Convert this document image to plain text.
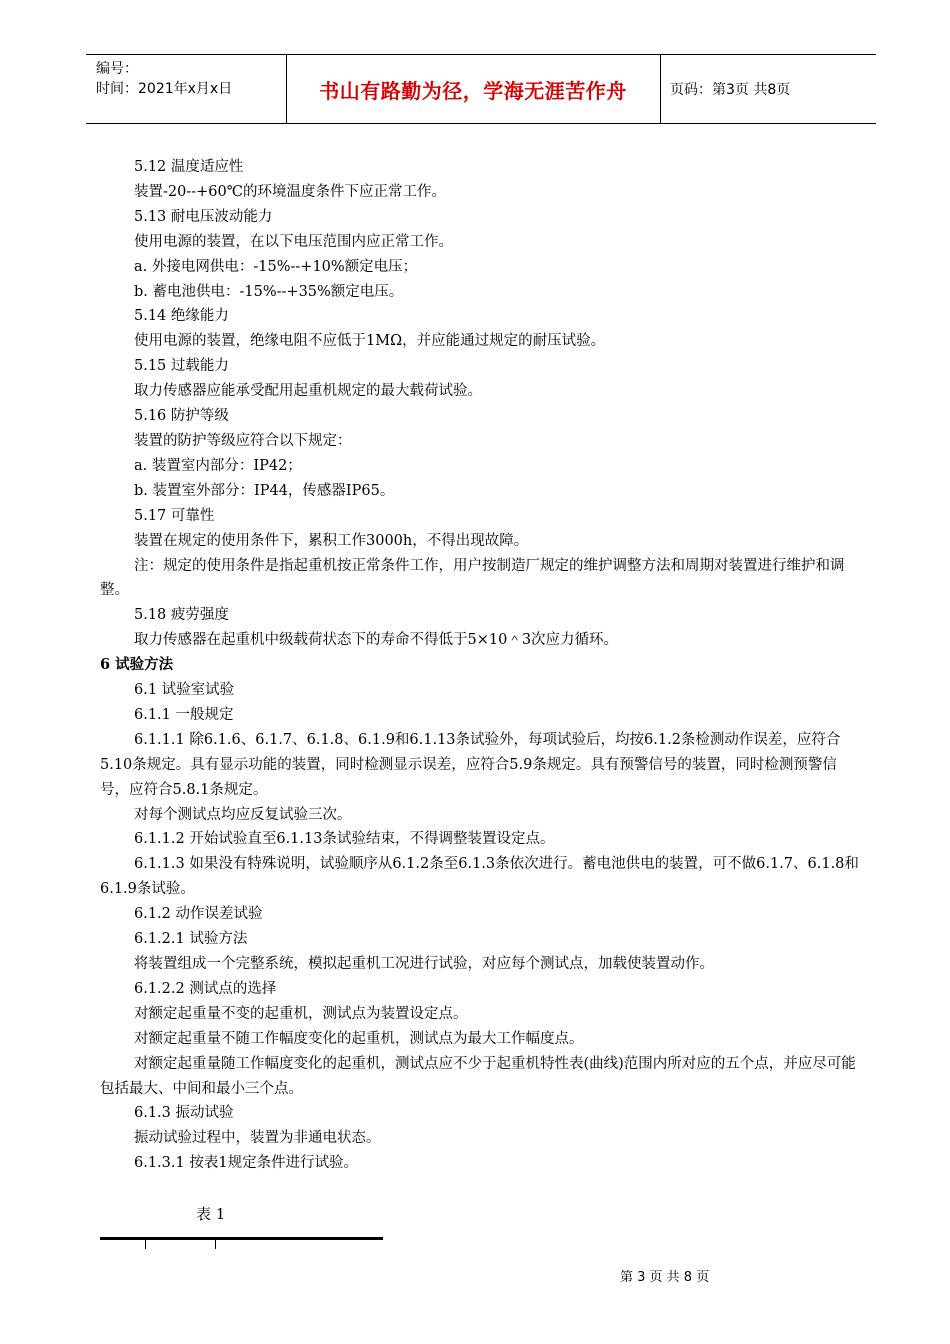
编号：
时间：2021年x月x日	书山有路勤为径，学海无涯苦作舟	页码：第3页 共8页

5.12 温度适应性

装置-20--+60℃的环境温度条件下应正常工作。

5.13 耐电压波动能力

使用电源的装置，在以下电压范围内应正常工作。

a. 外接电网供电：-15%--+10%额定电压；

b. 蓄电池供电：-15%--+35%额定电压。

5.14 绝缘能力

使用电源的装置，绝缘电阻不应低于1MΩ，并应能通过规定的耐压试验。

5.15 过载能力

取力传感器应能承受配用起重机规定的最大载荷试验。

5.16 防护等级

装置的防护等级应符合以下规定：

a. 装置室内部分：IP42；

b. 装置室外部分：IP44，传感器IP65。

5.17 可靠性

装置在规定的使用条件下，累积工作3000h，不得出现故障。

注：规定的使用条件是指起重机按正常条件工作，用户按制造厂规定的维护调整方法和周期对装置进行维护和调整。

5.18 疲劳强度

取力传感器在起重机中级载荷状态下的寿命不得低于5×10＾3次应力循环。

6 试验方法

6.1 试验室试验

6.1.1 一般规定

6.1.1.1 除6.1.6、6.1.7、6.1.8、6.1.9和6.1.13条试验外，每项试验后，均按6.1.2条检测动作误差，应符合5.10条规定。具有显示功能的装置，同时检测显示误差，应符合5.9条规定。具有预警信号的装置，同时检测预警信号，应符合5.8.1条规定。

对每个测试点均应反复试验三次。

6.1.1.2 开始试验直至6.1.13条试验结束，不得调整装置设定点。

6.1.1.3 如果没有特殊说明，试验顺序从6.1.2条至6.1.3条依次进行。蓄电池供电的装置，可不做6.1.7、6.1.8和6.1.9条试验。

6.1.2 动作误差试验

6.1.2.1 试验方法

将装置组成一个完整系统，模拟起重机工况进行试验，对应每个测试点，加载使装置动作。

6.1.2.2 测试点的选择

对额定起重量不变的起重机，测试点为装置设定点。

对额定起重量不随工作幅度变化的起重机，测试点为最大工作幅度点。

对额定起重量随工作幅度变化的起重机，测试点应不少于起重机特性表(曲线)范围内所对应的五个点，并应尽可能包括最大、中间和最小三个点。

6.1.3 振动试验

振动试验过程中，装置为非通电状态。

6.1.3.1 按表1规定条件进行试验。

表 1
第 3 页 共 8 页
